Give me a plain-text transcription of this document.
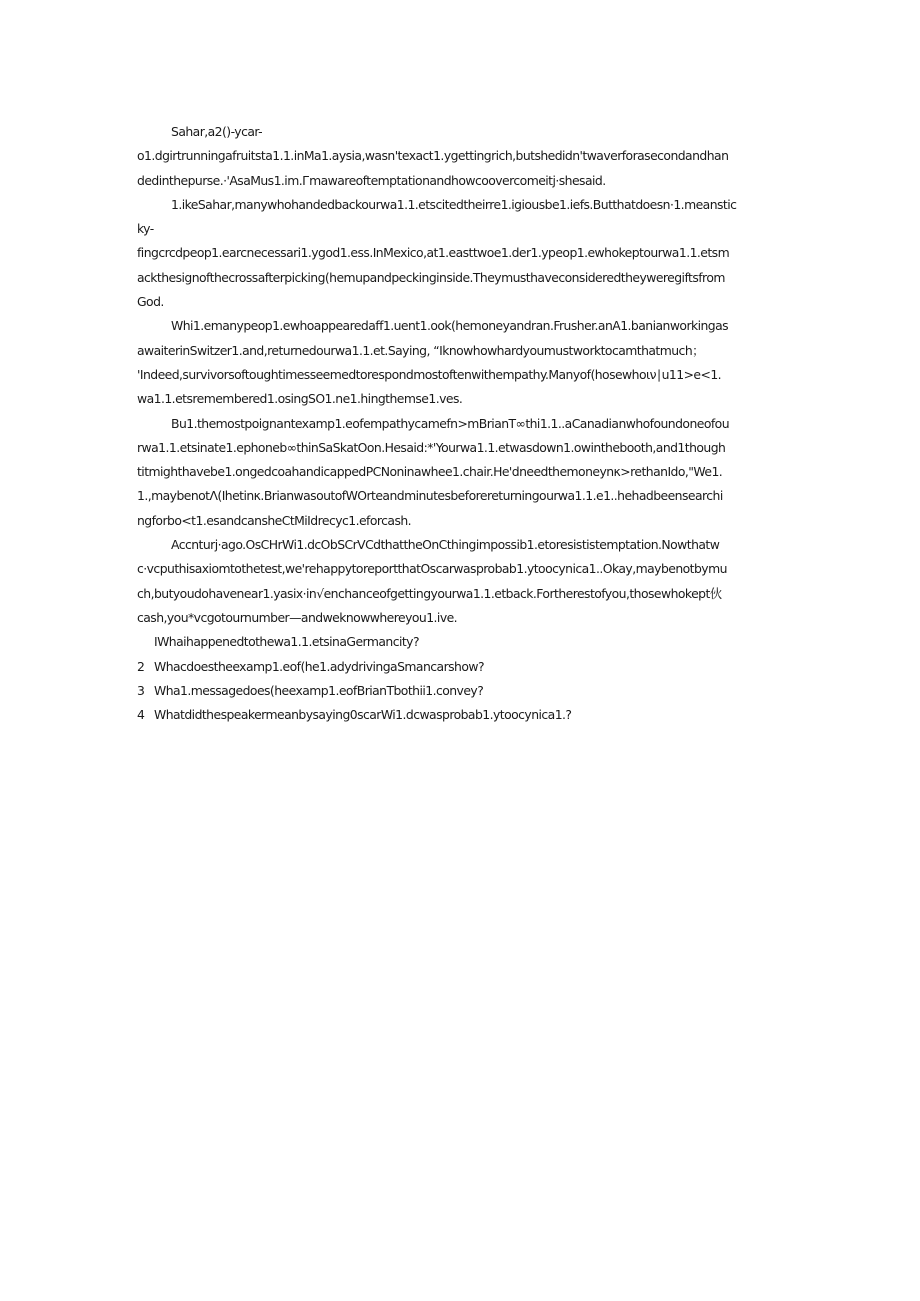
Sahar,a2()-ycar-
o1.dgirtrunningafruitsta1.1.inMa1.aysia,wasn'texact1.ygettingrich,butshedidn'twaverforasecondandhan
dedinthepurse.·'AsaMus1.im.Гmawareoftemptationandhowcoovercomeitj·shesaid.
1.ikeSahar,manywhohandedbackourwa1.1.etscitedtheirre1.igiousbe1.iefs.Butthatdoesn·1.meanstic
ky-
fingcrcdpeop1.earcnecessari1.ygod1.ess.InMexico,at1.easttwoe1.der1.ypeop1.ewhokeptourwa1.1.etsm
ackthesignofthecrossafterpicking(hemupandpeckinginside.Theymusthaveconsideredtheyweregiftsfrom
God.
Whi1.emanypeop1.ewhoappearedaff1.uent1.ook(hemoneyandran.Frusher.anA1.banianworkingas
awaiterinSwitzer1.and,returnedourwa1.1.et.Saying, “Iknowhowhardyoumustworktocamthatmuch；
'Indeed,survivorsoftoughtimesseemedtorespondmostoftenwithempathy.Manyof(hosewhoιν∣u11>e<1.
wa1.1.etsremembered1.osingSO1.ne1.hingthemse1.ves.
Bu1.themostpoignantexamp1.eofempathycamefn>mBrianT∞thi1.1..aCanadianwhofoundoneofou
rwa1.1.etsinate1.ephoneb∞thinSaSkatOon.Hesaid:*'Yourwa1.1.etwasdown1.owinthebooth,and1though
titmighthavebe1.ongedcoahandicappedPCNoninawhee1.chair.He'dneedthemoneynκ>rethanIdo,"We1.
1.,maybenotΛ(Ihetinκ.BrianwasoutofWOrteandminutesbeforereturningourwa1.1.e1..hehadbeensearchi
ngforbo<t1.esandcansheCtMiIdrecyc1.eforcash.
Accnturj·ago.OsCHrWi1.dcObSCrVCdthattheOnCthingimpossib1.etoresististemptation.Nowthatw
c·vcputhisaxiomtothetest,we'rehappytoreportthatOscarwasprobab1.ytoocynica1..Okay,maybenotbymu
ch,butyoudohavenear1.yasix·in√enchanceofgettingyourwa1.1.etback.Fortherestofyou,thosewhokept伙
cash,you*vcgotournumber—andweknowwhereyou1.ive.
IWhaihappenedtothewa1.1.etsinaGermancity?
2 Whacdoestheexamp1.eof(he1.adydrivingaSmancarshow?
3 Wha1.messagedoes(heexamp1.eofBrianTbothii1.convey?
4 Whatdidthespeakermeanbysaying0scarWi1.dcwasprobab1.ytoocynica1.?
